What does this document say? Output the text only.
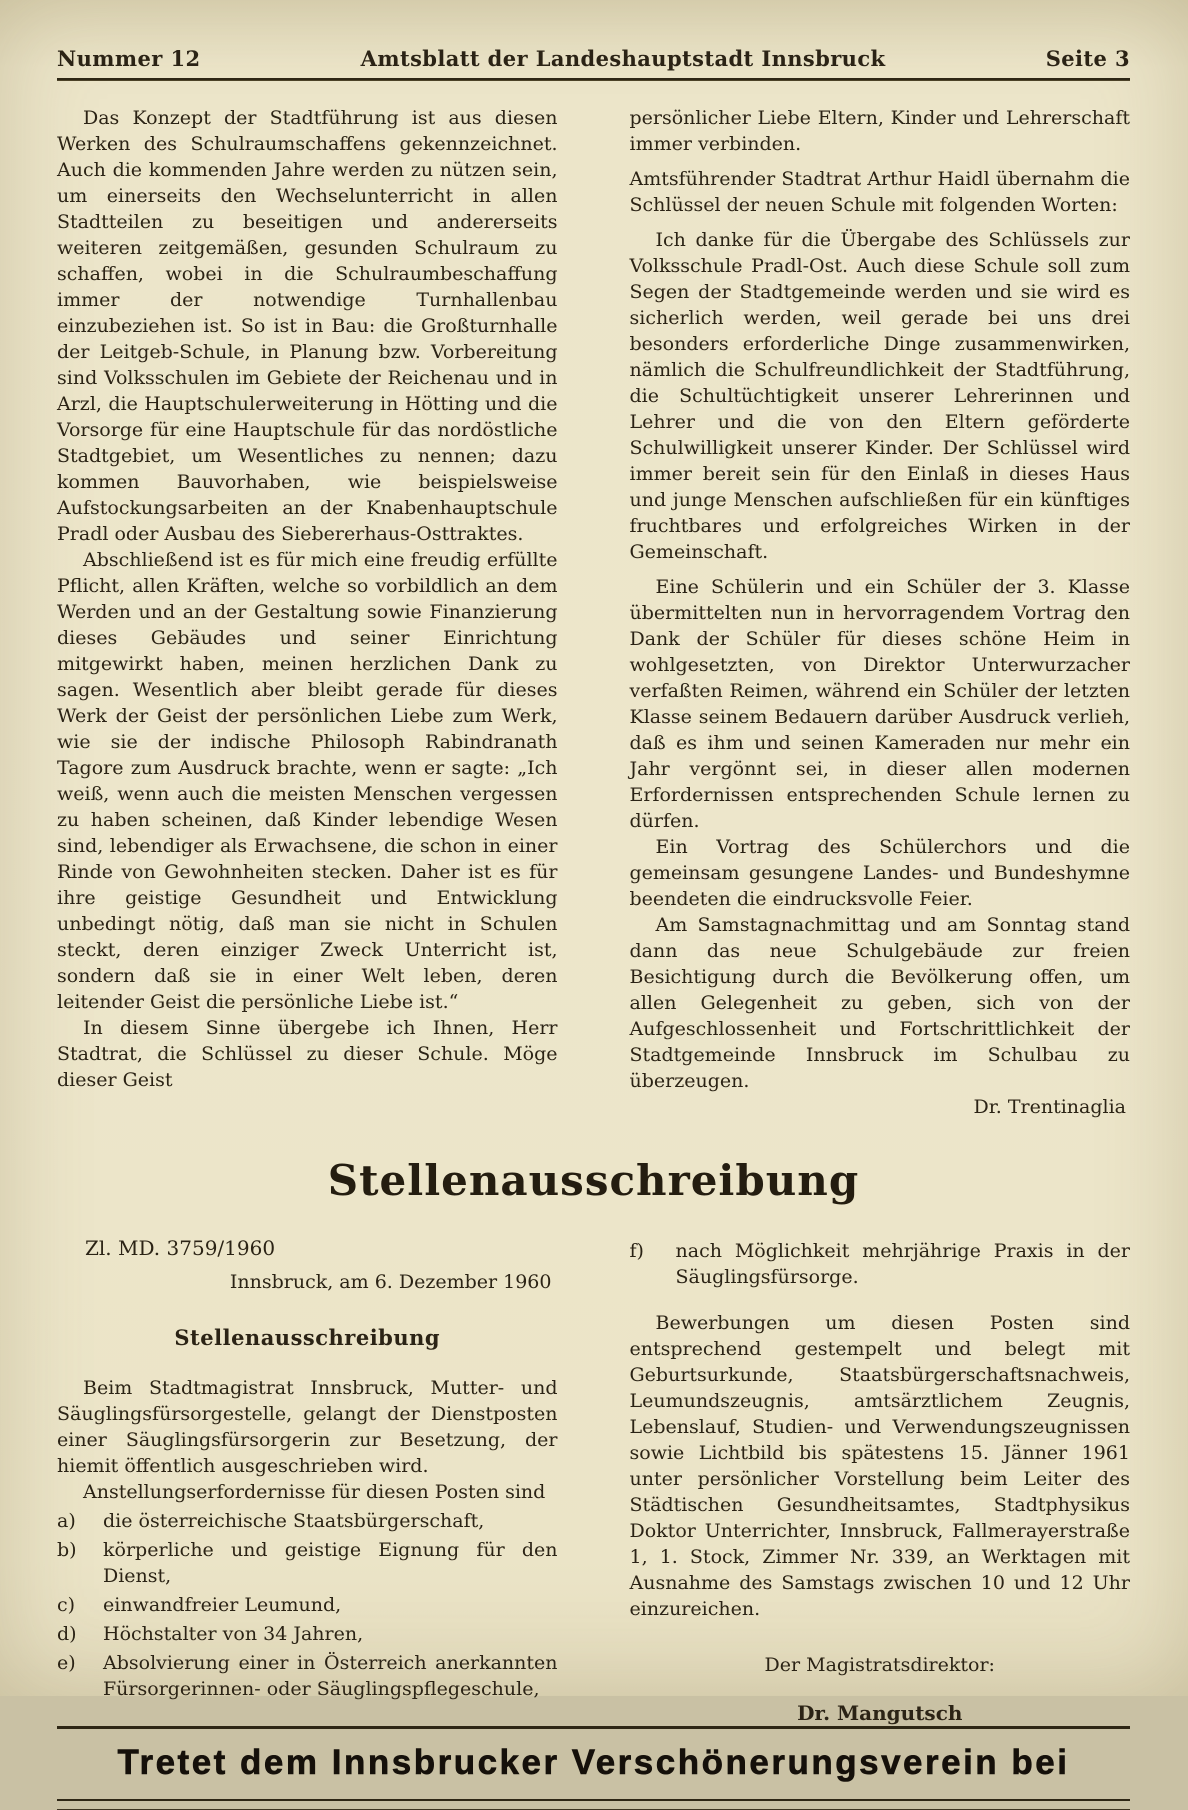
Nummer 12	Amtsblatt der Landeshauptstadt Innsbruck	Seite 3

Das Konzept der Stadtführung ist aus diesen Werken des Schulraumschaffens gekennzeichnet. Auch die kommenden Jahre werden zu nützen sein, um einerseits den Wechselunterricht in allen Stadtteilen zu beseitigen und andererseits weiteren zeitgemäßen, gesunden Schulraum zu schaffen, wobei in die Schulraumbeschaffung immer der notwendige Turnhallenbau einzubeziehen ist. So ist in Bau: die Großturnhalle der Leitgeb-Schule, in Planung bzw. Vorbereitung sind Volksschulen im Gebiete der Reichenau und in Arzl, die Hauptschulerweiterung in Hötting und die Vorsorge für eine Hauptschule für das nordöstliche Stadtgebiet, um Wesentliches zu nennen; dazu kommen Bauvorhaben, wie beispielsweise Aufstockungsarbeiten an der Knabenhauptschule Pradl oder Ausbau des Siebererhaus-Osttraktes.

Abschließend ist es für mich eine freudig erfüllte Pflicht, allen Kräften, welche so vorbildlich an dem Werden und an der Gestaltung sowie Finanzierung dieses Gebäudes und seiner Einrichtung mitgewirkt haben, meinen herzlichen Dank zu sagen. Wesentlich aber bleibt gerade für dieses Werk der Geist der persönlichen Liebe zum Werk, wie sie der indische Philosoph Rabindranath Tagore zum Ausdruck brachte, wenn er sagte: „Ich weiß, wenn auch die meisten Menschen vergessen zu haben scheinen, daß Kinder lebendige Wesen sind, lebendiger als Erwachsene, die schon in einer Rinde von Gewohnheiten stecken. Daher ist es für ihre geistige Gesundheit und Entwicklung unbedingt nötig, daß man sie nicht in Schulen steckt, deren einziger Zweck Unterricht ist, sondern daß sie in einer Welt leben, deren leitender Geist die persönliche Liebe ist.“

In diesem Sinne übergebe ich Ihnen, Herr Stadtrat, die Schlüssel zu dieser Schule. Möge dieser Geist

persönlicher Liebe Eltern, Kinder und Lehrerschaft immer verbinden.

Amtsführender Stadtrat Arthur Haidl übernahm die Schlüssel der neuen Schule mit folgenden Worten:

Ich danke für die Übergabe des Schlüssels zur Volksschule Pradl-Ost. Auch diese Schule soll zum Segen der Stadtgemeinde werden und sie wird es sicherlich werden, weil gerade bei uns drei besonders erforderliche Dinge zusammenwirken, nämlich die Schulfreundlichkeit der Stadtführung, die Schultüchtigkeit unserer Lehrerinnen und Lehrer und die von den Eltern geförderte Schulwilligkeit unserer Kinder. Der Schlüssel wird immer bereit sein für den Einlaß in dieses Haus und junge Menschen aufschließen für ein künftiges fruchtbares und erfolgreiches Wirken in der Gemeinschaft.

Eine Schülerin und ein Schüler der 3. Klasse übermittelten nun in hervorragendem Vortrag den Dank der Schüler für dieses schöne Heim in wohlgesetzten, von Direktor Unterwurzacher verfaßten Reimen, während ein Schüler der letzten Klasse seinem Bedauern darüber Ausdruck verlieh, daß es ihm und seinen Kameraden nur mehr ein Jahr vergönnt sei, in dieser allen modernen Erfordernissen entsprechenden Schule lernen zu dürfen.

Ein Vortrag des Schülerchors und die gemeinsam gesungene Landes- und Bundeshymne beendeten die eindrucksvolle Feier.

Am Samstagnachmittag und am Sonntag stand dann das neue Schulgebäude zur freien Besichtigung durch die Bevölkerung offen, um allen Gelegenheit zu geben, sich von der Aufgeschlossenheit und Fortschrittlichkeit der Stadtgemeinde Innsbruck im Schulbau zu überzeugen.

Dr. Trentinaglia
Stellenausschreibung

Zl. MD. 3759/1960

Innsbruck, am 6. Dezember 1960

Stellenausschreibung

Beim Stadtmagistrat Innsbruck, Mutter- und Säuglingsfürsorgestelle, gelangt der Dienstposten einer Säuglingsfürsorgerin zur Besetzung, der hiemit öffentlich ausgeschrieben wird.

Anstellungserfordernisse für diesen Posten sind

a) die österreichische Staatsbürgerschaft,

b) körperliche und geistige Eignung für den Dienst,

c) einwandfreier Leumund,

d) Höchstalter von 34 Jahren,

e) Absolvierung einer in Österreich anerkannten Fürsorgerinnen- oder Säuglingspflegeschule,

f) nach Möglichkeit mehrjährige Praxis in der Säuglingsfürsorge.

Bewerbungen um diesen Posten sind entsprechend gestempelt und belegt mit Geburtsurkunde, Staatsbürgerschaftsnachweis, Leumundszeugnis, amtsärztlichem Zeugnis, Lebenslauf, Studien- und Verwendungszeugnissen sowie Lichtbild bis spätestens 15. Jänner 1961 unter persönlicher Vorstellung beim Leiter des Städtischen Gesundheitsamtes, Stadtphysikus Doktor Unterrichter, Innsbruck, Fallmerayerstraße 1, 1. Stock, Zimmer Nr. 339, an Werktagen mit Ausnahme des Samstags zwischen 10 und 12 Uhr einzureichen.

Der Magistratsdirektor:

Dr. Mangutsch

Tretet dem Innsbrucker Verschönerungsverein bei
